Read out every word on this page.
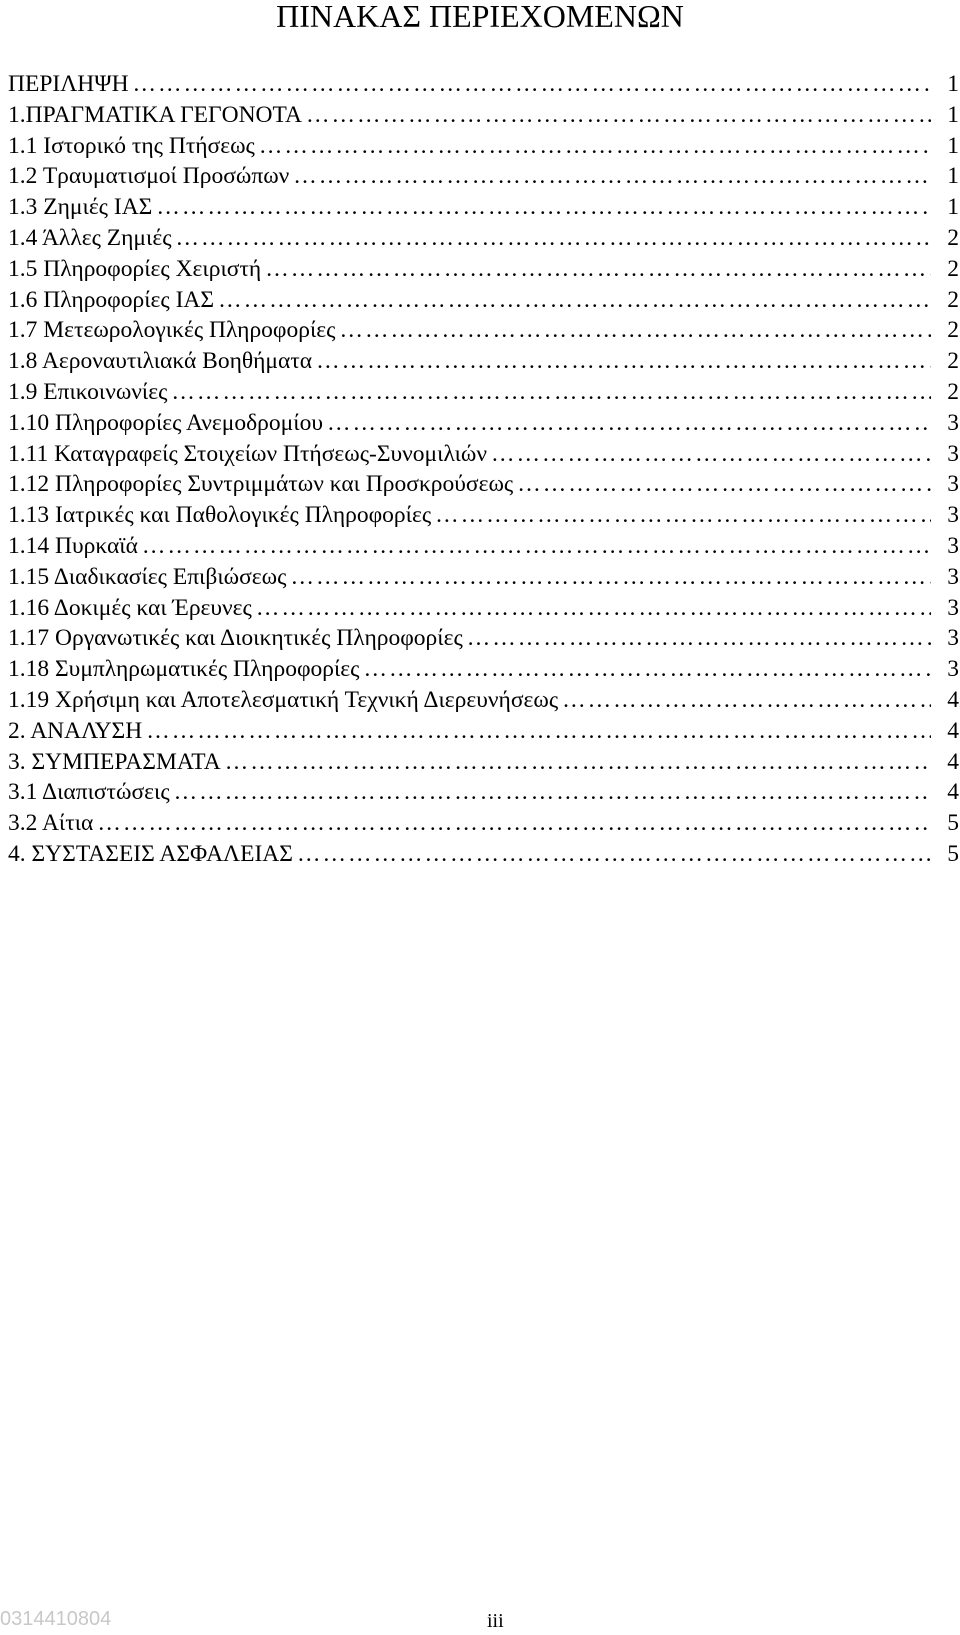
ΠΙΝΑΚΑΣ ΠΕΡΙΕΧΟΜΕΝΩΝ
ΠΕΡΙΛΗΨΗ ……………………………………………………………………………………………………………………………………………………………………………………	1
1.ΠΡΑΓΜΑΤΙΚΑ ΓΕΓΟΝΟΤΑ ……………………………………………………………………………………………………………………………………………………………………………………	1
1.1 Ιστορικό της Πτήσεως ……………………………………………………………………………………………………………………………………………………………………………………	1
1.2 Τραυματισμοί Προσώπων ……………………………………………………………………………………………………………………………………………………………………………………	1
1.3 Ζημιές ΙΑΣ ……………………………………………………………………………………………………………………………………………………………………………………	1
1.4 Άλλες Ζημιές ……………………………………………………………………………………………………………………………………………………………………………………	2
1.5 Πληροφορίες Χειριστή ……………………………………………………………………………………………………………………………………………………………………………………	2
1.6 Πληροφορίες ΙΑΣ ……………………………………………………………………………………………………………………………………………………………………………………	2
1.7 Μετεωρολογικές Πληροφορίες ……………………………………………………………………………………………………………………………………………………………………………………	2
1.8 Αεροναυτιλιακά Βοηθήματα ……………………………………………………………………………………………………………………………………………………………………………………	2
1.9 Επικοινωνίες ……………………………………………………………………………………………………………………………………………………………………………………	2
1.10 Πληροφορίες Ανεμοδρομίου ……………………………………………………………………………………………………………………………………………………………………………………	3
1.11 Καταγραφείς Στοιχείων Πτήσεως-Συνομιλιών ……………………………………………………………………………………………………………………………………………………………………………………	3
1.12 Πληροφορίες Συντριμμάτων και Προσκρούσεως ……………………………………………………………………………………………………………………………………………………………………………………	3
1.13 Ιατρικές και Παθολογικές Πληροφορίες ……………………………………………………………………………………………………………………………………………………………………………………	3
1.14 Πυρκαϊά ……………………………………………………………………………………………………………………………………………………………………………………	3
1.15 Διαδικασίες Επιβιώσεως ……………………………………………………………………………………………………………………………………………………………………………………	3
1.16 Δοκιμές και Έρευνες ……………………………………………………………………………………………………………………………………………………………………………………	3
1.17 Οργανωτικές και Διοικητικές Πληροφορίες ……………………………………………………………………………………………………………………………………………………………………………………	3
1.18 Συμπληρωματικές Πληροφορίες ……………………………………………………………………………………………………………………………………………………………………………………	3
1.19 Χρήσιμη και Αποτελεσματική Τεχνική Διερευνήσεως ……………………………………………………………………………………………………………………………………………………………………………………	4
2. ΑΝΑΛΥΣΗ ……………………………………………………………………………………………………………………………………………………………………………………	4
3. ΣΥΜΠΕΡΑΣΜΑΤΑ ……………………………………………………………………………………………………………………………………………………………………………………	4
3.1 Διαπιστώσεις ……………………………………………………………………………………………………………………………………………………………………………………	4
3.2 Αίτια ……………………………………………………………………………………………………………………………………………………………………………………	5
4. ΣΥΣΤΑΣΕΙΣ ΑΣΦΑΛΕΙΑΣ ……………………………………………………………………………………………………………………………………………………………………………………	5
0314410804	iii
